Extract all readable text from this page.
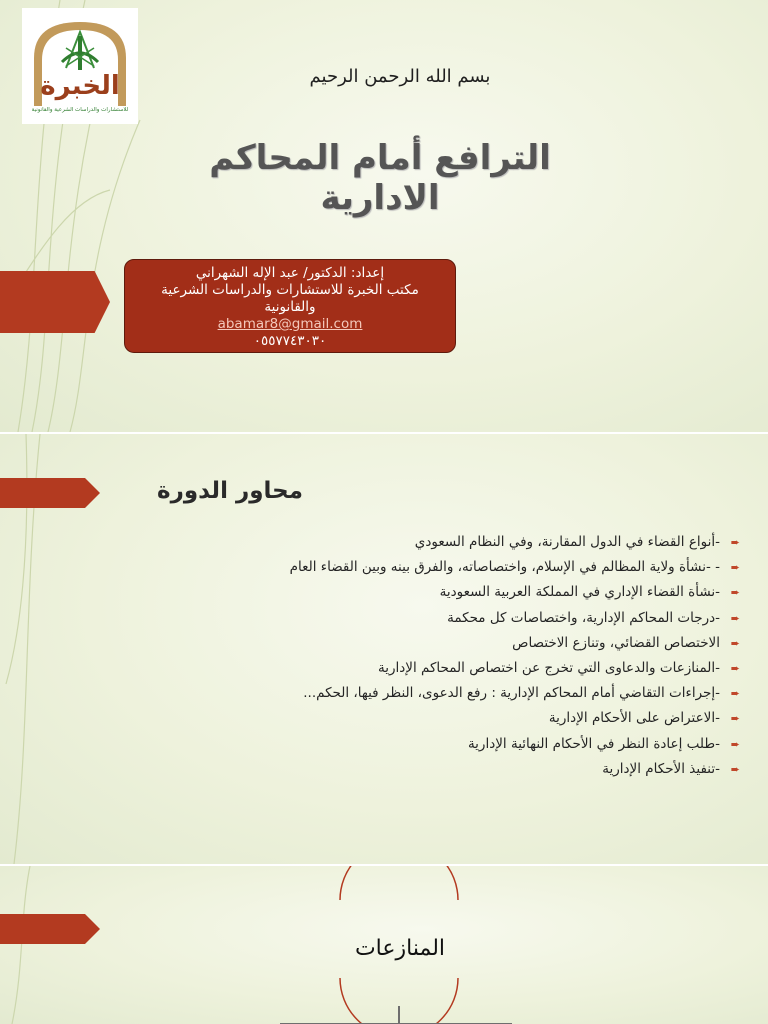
الخبرة
للاستشارات والدراسات الشرعية والقانونية
بسم الله الرحمن الرحيم
الترافع أمام المحاكم الادارية
إعداد: الدكتور/ عبد الإله الشهراني
مكتب الخبرة للاستشارات والدراسات الشرعية
والقانونية
abamar8@gmail.com
٠٥٥٧٧٤٣٠٣٠
محاور الدورة
➨
-أنواع القضاء في الدول المقارنة، وفي النظام السعودي
➨
- -نشأة ولاية المظالم في الإسلام، واختصاصاته، والفرق بينه وبين القضاء العام
➨
-نشأة القضاء الإداري في المملكة العربية السعودية
➨
-درجات المحاكم الإدارية، واختصاصات كل محكمة
➨
الاختصاص القضائي، وتنازع الاختصاص
➨
-المنازعات والدعاوى التي تخرج عن اختصاص المحاكم الإدارية
➨
-إجراءات التقاضي أمام المحاكم الإدارية : رفع الدعوى، النظر فيها، الحكم...
➨
-الاعتراض على الأحكام الإدارية
➨
-طلب إعادة النظر في الأحكام النهائية الإدارية
➨
-تنفيذ الأحكام الإدارية
المنازعات
